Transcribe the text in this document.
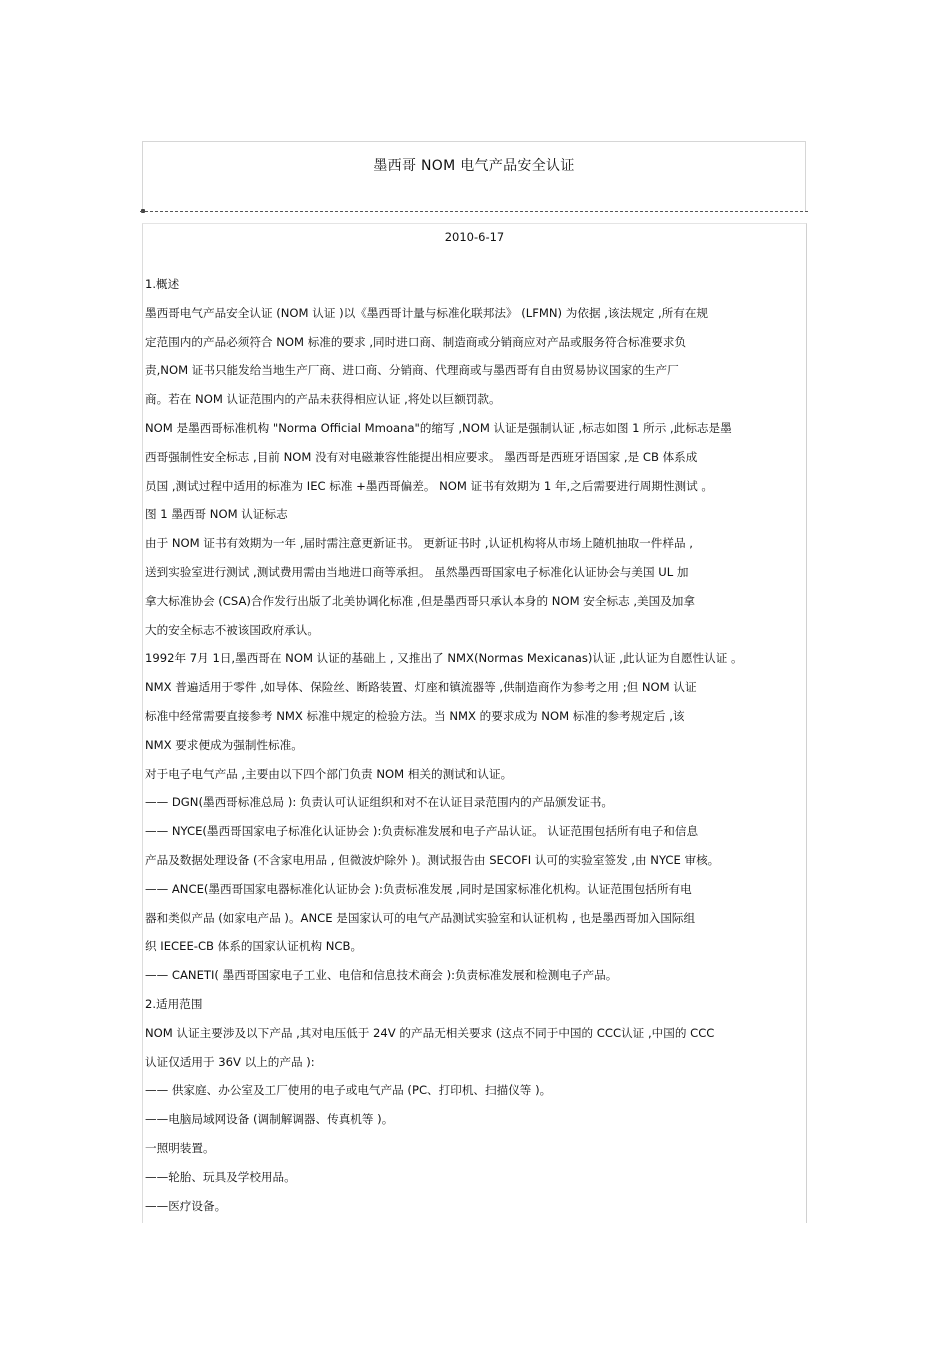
墨西哥 NOM 电气产品安全认证
2010-6-17
1.概述
墨西哥电气产品安全认证 (NOM 认证 )以《墨西哥计量与标准化联邦法》 (LFMN) 为依据 ,该法规定 ,所有在规
定范围内的产品必须符合 NOM 标准的要求 ,同时进口商、制造商或分销商应对产品或服务符合标准要求负
责,NOM 证书只能发给当地生产厂商、进口商、分销商、代理商或与墨西哥有自由贸易协议国家的生产厂
商。若在 NOM 认证范围内的产品未获得相应认证 ,将处以巨额罚款。
NOM 是墨西哥标准机构 "Norma Official Mmoana"的缩写 ,NOM 认证是强制认证 ,标志如图 1 所示 ,此标志是墨
西哥强制性安全标志 ,目前 NOM 没有对电磁兼容性能提出相应要求。 墨西哥是西班牙语国家 ,是 CB 体系成
员国 ,测试过程中适用的标准为 IEC 标准 +墨西哥偏差。 NOM 证书有效期为 1 年,之后需要进行周期性测试 。
图 1 墨西哥 NOM 认证标志
由于 NOM 证书有效期为一年 ,届时需注意更新证书。 更新证书时 ,认证机构将从市场上随机抽取一件样品 ,
送到实验室进行测试 ,测试费用需由当地进口商等承担。 虽然墨西哥国家电子标准化认证协会与美国 UL 加
拿大标准协会 (CSA)合作发行出版了北美协调化标准 ,但是墨西哥只承认本身的 NOM 安全标志 ,美国及加拿
大的安全标志不被该国政府承认。
1992年 7月 1日,墨西哥在 NOM 认证的基础上 , 又推出了 NMX(Normas Mexicanas)认证 ,此认证为自愿性认证 。
NMX 普遍适用于零件 ,如导体、保险丝、断路装置、灯座和镇流器等 ,供制造商作为参考之用 ;但 NOM 认证
标准中经常需要直接参考 NMX 标准中规定的检验方法。当 NMX 的要求成为 NOM 标准的参考规定后 ,该
NMX 要求便成为强制性标准。
对于电子电气产品 ,主要由以下四个部门负责 NOM 相关的测试和认证。
—— DGN(墨西哥标准总局 ): 负责认可认证组织和对不在认证目录范围内的产品颁发证书。
—— NYCE(墨西哥国家电子标准化认证协会 ):负责标准发展和电子产品认证。 认证范围包括所有电子和信息
产品及数据处理设备 (不含家电用品 , 但微波炉除外 )。测试报告由 SECOFI 认可的实验室签发 ,由 NYCE 审核。
—— ANCE(墨西哥国家电器标准化认证协会 ):负责标准发展 ,同时是国家标准化机构。认证范围包括所有电
器和类似产品 (如家电产品 )。ANCE 是国家认可的电气产品测试实验室和认证机构 , 也是墨西哥加入国际组
织 IECEE-CB 体系的国家认证机构 NCB。
—— CANETI( 墨西哥国家电子工业、电信和信息技术商会 ):负责标准发展和检测电子产品。
2.适用范围
NOM 认证主要涉及以下产品 ,其对电压低于 24V 的产品无相关要求 (这点不同于中国的 CCC认证 ,中国的 CCC
认证仅适用于 36V 以上的产品 ):
—— 供家庭、办公室及工厂使用的电子或电气产品 (PC、打印机、扫描仪等 )。
——电脑局域网设备 (调制解调器、传真机等 )。
一照明装置。
——轮胎、玩具及学校用品。
——医疗设备。
